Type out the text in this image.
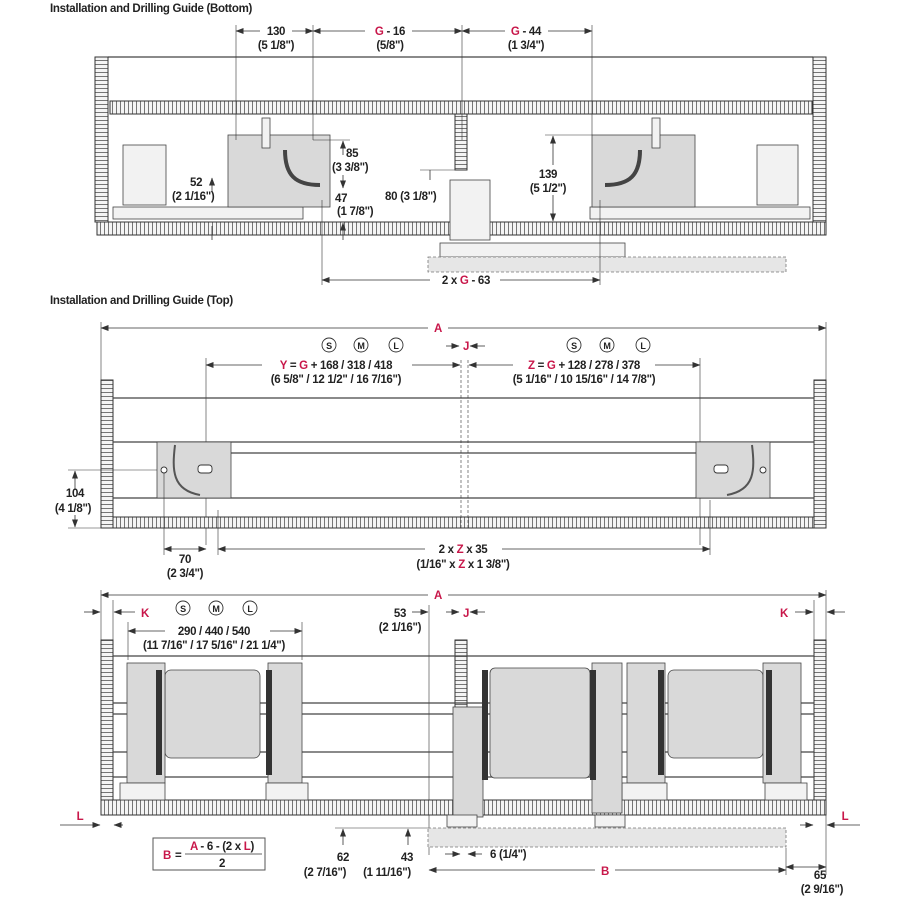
Installation and Drilling Guide (Bottom)
130
(5 1/8")
G - 16
(5/8")
G - 44
(1 3/4")
85
(3 3/8")
52
(2 1/16")	47
(1 7/8")
80 (3 1/8")
139
(5 1/2")
2 x G - 63
Installation and Drilling Guide (Top)
A
S	M	L	S	M	L
J
Y = G + 168 / 318 / 418
(6 5/8" / 12 1/2" / 16 7/16")
Z = G + 128 / 278 / 378
(5 1/16" / 10 15/16" / 14 7/8")
104
(4 1/8")
70
(2 3/4")
2 x Z x 35
(1/16" x Z x 1 3/8")
A
K	S	M	L
290 / 440 / 540
(11 7/16" / 17 5/16" / 21 1/4")
53
(2 1/16")
J	K
L	L
B =
A - 6 - (2 x L)
2	62
(2 7/16")
43
(1 11/16")
6 (1/4")
B	65
(2 9/16")
